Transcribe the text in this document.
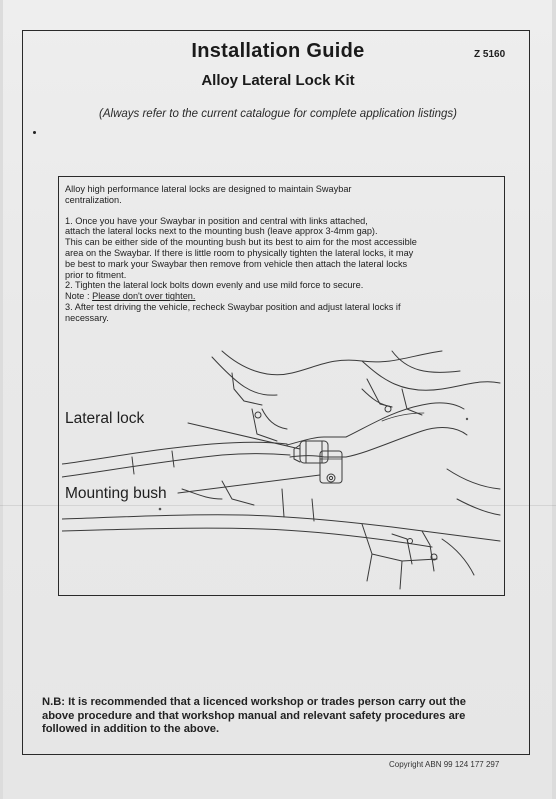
Installation Guide	Z 5160
Alloy Lateral Lock Kit
(Always refer to the current catalogue for complete application listings)

Alloy high performance lateral locks are designed to maintain Swaybar

centralization.

1. Once you have your Swaybar in position and central with links attached,

attach the lateral locks next to the mounting bush (leave approx 3-4mm gap).

This can be either side of the mounting bush but its best to aim for the most accessible

area on the Swaybar. If there is little room to physically tighten the lateral locks, it may

be best to mark your Swaybar then remove from vehicle then attach the lateral locks

prior to fitment.

2. Tighten the lateral lock bolts down evenly and use mild force to secure.

Note : Please don't over tighten.

3. After test driving the vehicle, recheck Swaybar position and adjust lateral locks if

necessary.

Lateral lock
Mounting bush

N.B: It is recommended that a licenced workshop or trades person carry out the

above procedure and that workshop manual and relevant safety procedures are

followed in addition to the above.

Copyright ABN 99 124 177 297
